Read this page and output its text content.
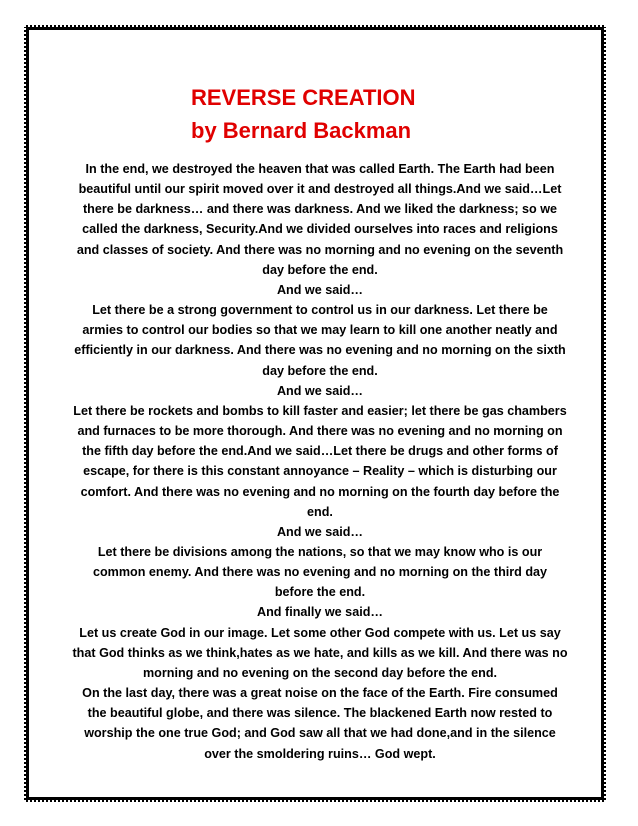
REVERSE CREATION
by Bernard Backman

In the end, we destroyed the heaven that was called Earth. The Earth had been beautiful until our spirit moved over it and destroyed all things.And we said…Let there be darkness… and there was darkness. And we liked the darkness; so we called the darkness, Security.And we divided ourselves into races and religions and classes of society. And there was no morning and no evening on the seventh day before the end.

And we said…

Let there be a strong government to control us in our darkness. Let there be armies to control our bodies so that we may learn to kill one another neatly and efficiently in our darkness. And there was no evening and no morning on the sixth day before the end.

And we said…

Let there be rockets and bombs to kill faster and easier; let there be gas chambers and furnaces to be more thorough. And there was no evening and no morning on the fifth day before the end.And we said…Let there be drugs and other forms of escape, for there is this constant annoyance – Reality – which is disturbing our comfort. And there was no evening and no morning on the fourth day before the end.

And we said…

Let there be divisions among the nations, so that we may know who is our common enemy. And there was no evening and no morning on the third day before the end.

And finally we said…

Let us create God in our image. Let some other God compete with us. Let us say that God thinks as we think,hates as we hate, and kills as we kill. And there was no morning and no evening on the second day before the end.

On the last day, there was a great noise on the face of the Earth. Fire consumed the beautiful globe, and there was silence. The blackened Earth now rested to worship the one true God; and God saw all that we had done,and in the silence over the smoldering ruins… God wept.
